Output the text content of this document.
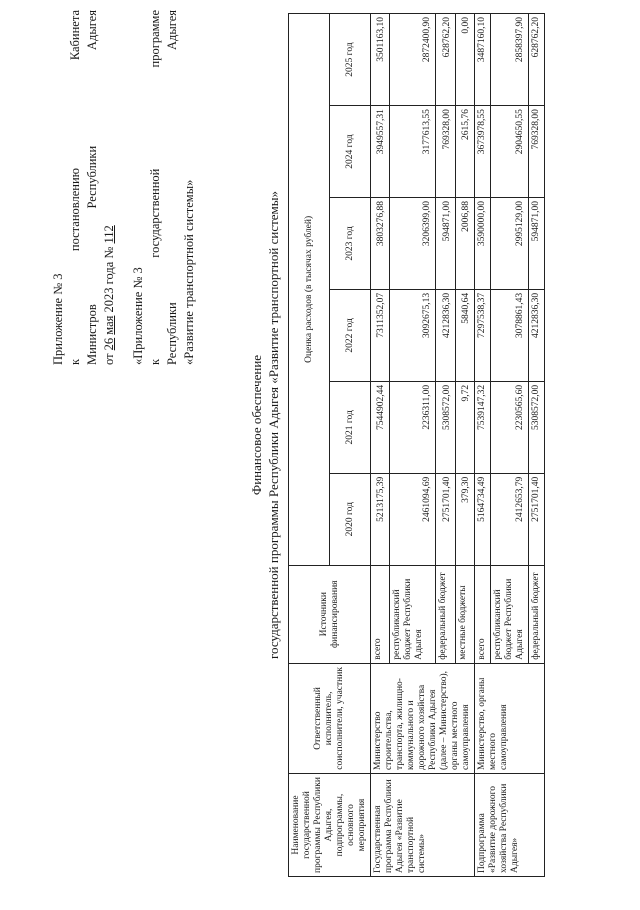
Приложение № 3 к
постановлению
Кабинета
Министров
Республики
Адыгея
от 26 мая 2023 года № 112
«Приложение № 3 к
государственной
программе
Республики
Адыгея
«Развитие транспортной системы»
Финансовое обеспечение государственной программы Республики Адыгея «Развитие транспортной системы»
Наименование государственной программы Республики Адыгея, подпрограммы, основного мероприятия	Ответственный исполнитель, соисполнители, участник	Источники финансирования	Оценка расходов (в тысячах рублей)					
			2020 год	2021 год	2022 год	2023 год	2024 год	2025 год
Государственная программа Республики Адыгея «Развитие транспортной системы»	Министерство строительства, транспорта, жилищно-коммунального и дорожного хозяйства Республики Адыгея (далее – Министерство), органы местного самоуправления	всего	5213175,39	7544902,44	7311352,07	3803276,88	3949557,31	3501163,10
		республиканский бюджет Республики Адыгея	2461094,69	2236311,00	3092675,13	3206399,00	3177613,55	2872400,90
		федеральный бюджет	2751701,40	5308572,00	4212836,30	594871,00	769328,00	628762,20
		местные бюджеты	379,30	9,72	5840,64	2006,88	2615,76	0,00
Подпрограмма «Развитие дорожного хозяйства Республики Адыгея»	Министерство, органы местного самоуправления	всего	5164734,49	7539147,32	7297538,37	3590000,00	3673978,55	3487160,10
		республиканский бюджет Республики Адыгея	2412653,79	2230565,60	3078861,43	2995129,00	2904650,55	2858397,90
		федеральный бюджет	2751701,40	5308572,00	4212836,30	594871,00	769328,00	628762,20
